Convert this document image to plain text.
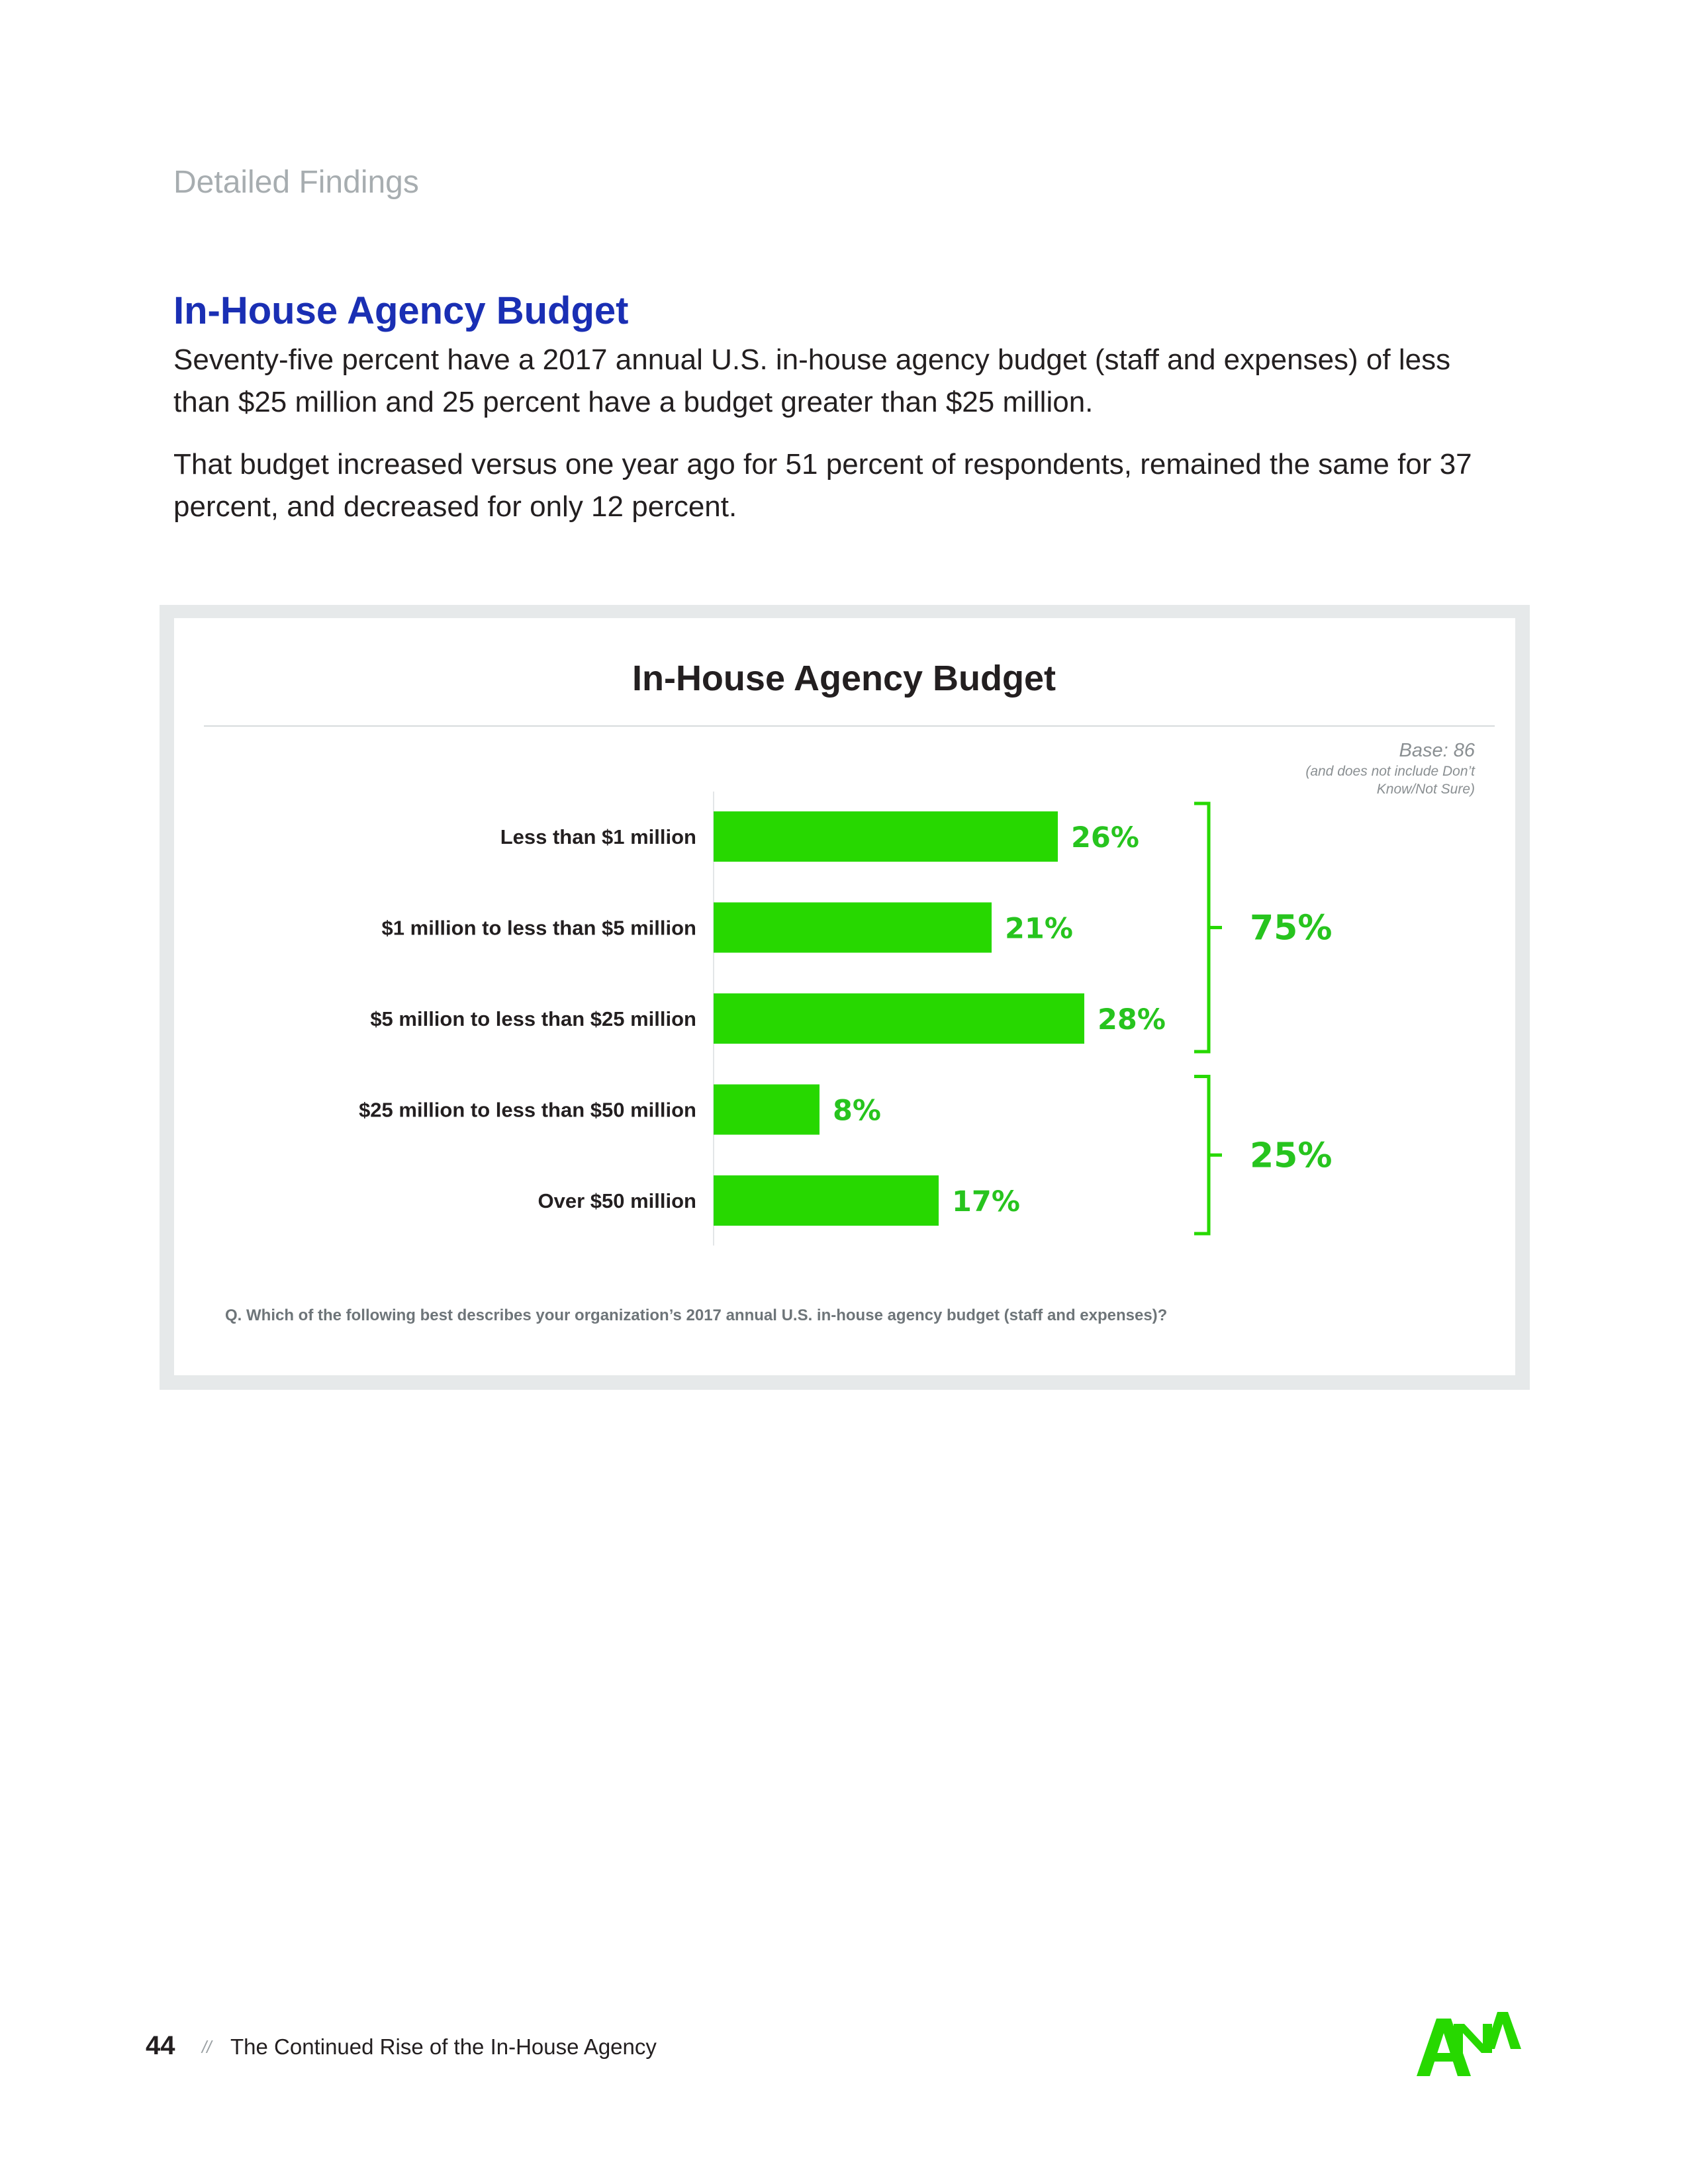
Detailed Findings
In-House Agency Budget
Seventy-five percent have a 2017 annual U.S. in-house agency budget (staff and expenses) of less than $25 million and 25 percent have a budget greater than $25 million.
That budget increased versus one year ago for 51 percent of respondents, remained the same for 37 percent, and decreased for only 12 percent.
In-House Agency Budget
Base: 86
(and does not include Don’t Know/Not Sure)
Less than $1 million	26%
$1 million to less than $5 million	21%
$5 million to less than $25 million	28%
$25 million to less than $50 million	8%
Over $50 million	17%
75%
25%
Q. Which of the following best describes your organization’s 2017 annual U.S. in-house agency budget (staff and expenses)?
44 // The Continued Rise of the In-House Agency
